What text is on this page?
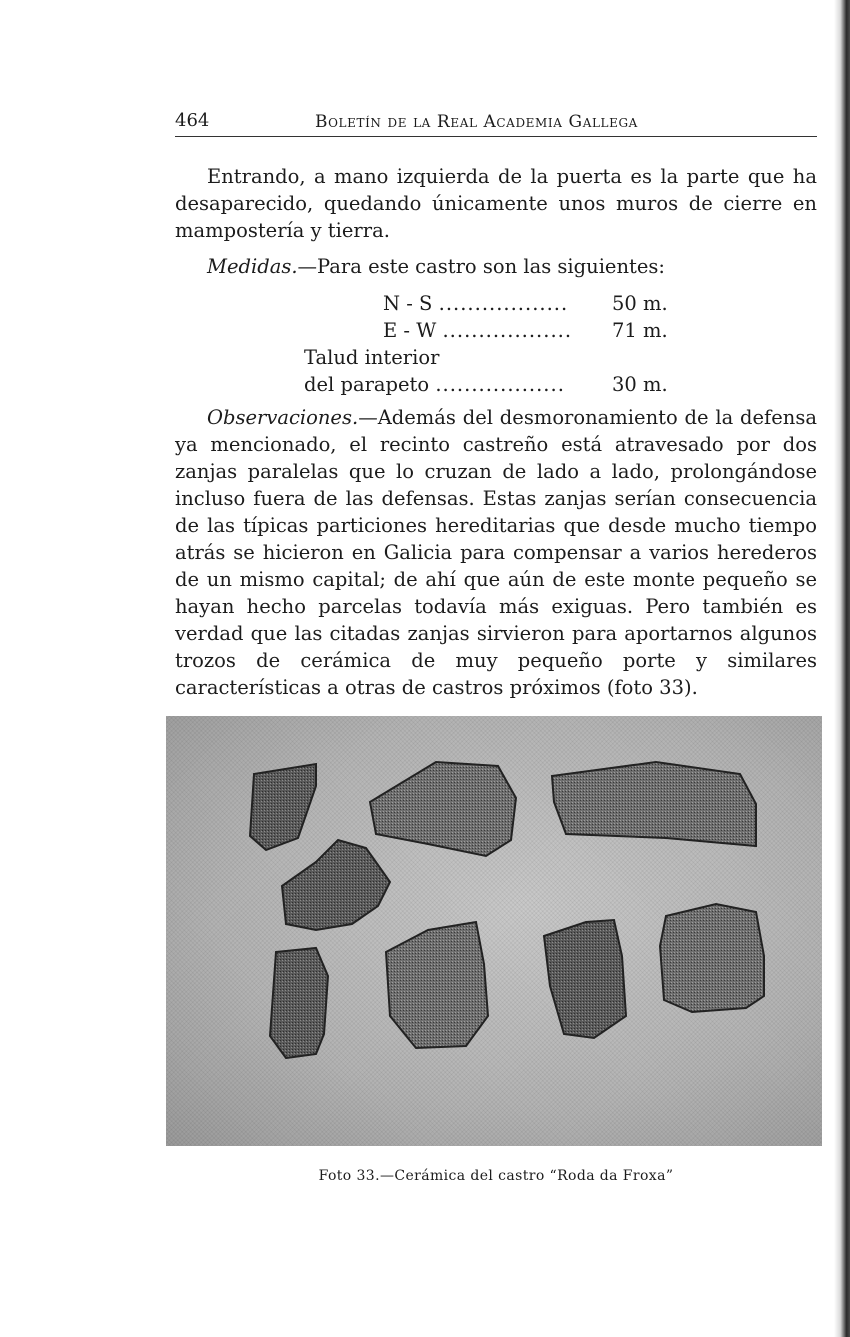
464	Boletín de la Real Academia Gallega

Entrando, a mano izquierda de la puerta es la parte que ha desaparecido, quedando únicamente unos muros de cierre en mampostería y tierra.

Medidas.—Para este castro son las siguientes:

N - S .................. 50 m.
E - W .................. 71 m.
Talud interior
del parapeto .................. 30 m.

Observaciones.—Además del desmoronamiento de la defensa ya mencionado, el recinto castreño está atravesado por dos zanjas paralelas que lo cruzan de lado a lado, prolongándose incluso fuera de las defensas. Estas zanjas serían consecuencia de las típicas particiones hereditarias que desde mucho tiempo atrás se hicieron en Galicia para compensar a varios herederos de un mismo capital; de ahí que aún de este monte pequeño se hayan hecho parcelas todavía más exiguas. Pero también es verdad que las citadas zanjas sirvieron para aportarnos algunos trozos de cerámica de muy pequeño porte y similares características a otras de castros próximos (foto 33).

Foto 33.—Cerámica del castro “Roda da Froxa”
